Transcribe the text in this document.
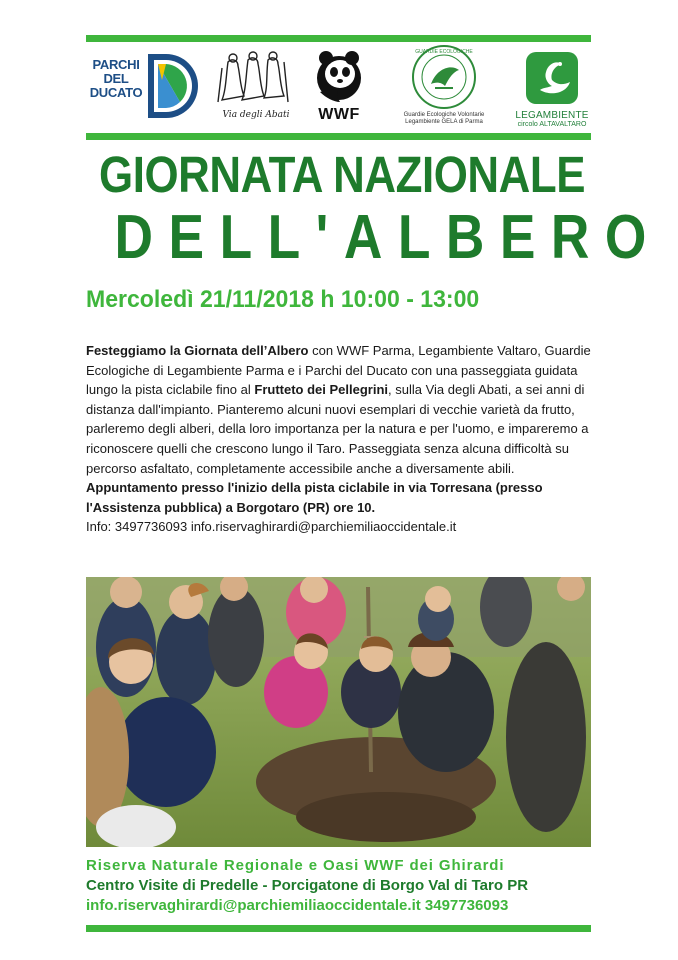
PARCHI
DEL
DUCATO
Via degli Abati	WWF
GUARDIE ECOLOGICHE
Guardie Ecologiche Volontarie
Legambiente GELA di Parma
LEGAMBIENTE
circolo ALTAVALTARO
GIORNATA NAZIONALE
DELL'ALBERO
Mercoledì 21/11/2018 h 10:00 - 13:00

Festeggiamo la Giornata dell’Albero con WWF Parma, Legambiente Valtaro, Guardie Ecologiche di Legambiente Parma e i Parchi del Ducato con una passeggiata guidata lungo la pista ciclabile fino al Frutteto dei Pellegrini, sulla Via degli Abati, a sei anni di distanza dall'impianto. Pianteremo alcuni nuovi esemplari di vecchie varietà da frutto, parleremo degli alberi, della loro importanza per la natura e per l'uomo, e impareremo a riconoscere quelli che crescono lungo il Taro. Passeggiata senza alcuna difficoltà su percorso asfaltato, completamente accessibile anche a diversamente abili.

Appuntamento presso l'inizio della pista ciclabile in via Torresana (presso l'Assistenza pubblica) a Borgotaro (PR) ore 10.

Info: 3497736093 info.riservaghirardi@parchiemiliaoccidentale.it

Riserva Naturale Regionale e Oasi WWF dei Ghirardi
Centro Visite di Predelle - Porcigatone di Borgo Val di Taro PR
info.riservaghirardi@parchiemiliaoccidentale.it 3497736093
